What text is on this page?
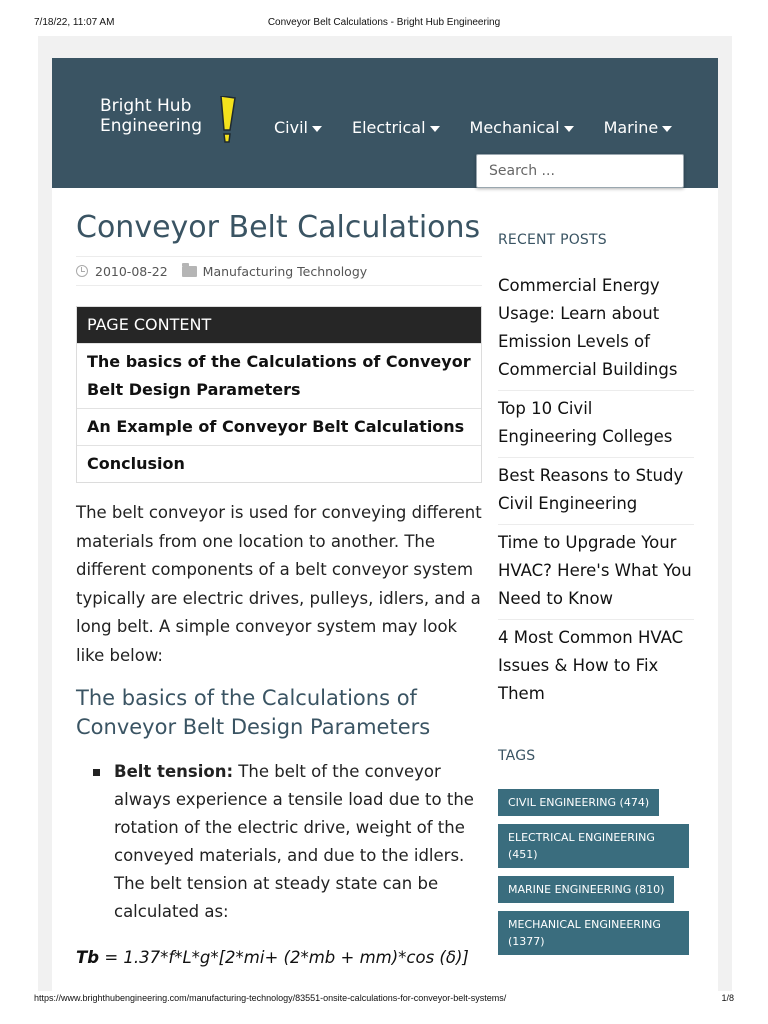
7/18/22, 11:07 AM	Conveyor Belt Calculations - Bright Hub Engineering
Bright Hub
Engineering	Civil	Electrical	Mechanical	Marine
Search ...
Conveyor Belt Calculations
2010-08-22	Manufacturing Technology
PAGE CONTENT
The basics of the Calculations of Conveyor Belt Design Parameters
An Example of Conveyor Belt Calculations
Conclusion

The belt conveyor is used for conveying different materials from one location to another. The different components of a belt conveyor system typically are electric drives, pulleys, idlers, and a long belt. A simple conveyor system may look like below:

The basics of the Calculations of Conveyor Belt Design Parameters
Belt tension: The belt of the conveyor always experience a tensile load due to the rotation of the electric drive, weight of the conveyed materials, and due to the idlers. The belt tension at steady state can be calculated as:
Tb = 1.37*f*L*g*[2*mi+ (2*mb + mm)*cos (δ)]
RECENT POSTS
Commercial Energy Usage: Learn about Emission Levels of Commercial Buildings
Top 10 Civil Engineering Colleges
Best Reasons to Study Civil Engineering
Time to Upgrade Your HVAC? Here's What You Need to Know
4 Most Common HVAC Issues & How to Fix Them
TAGS
CIVIL ENGINEERING (474)
ELECTRICAL ENGINEERING (451)
MARINE ENGINEERING (810)
MECHANICAL ENGINEERING (1377)
https://www.brighthubengineering.com/manufacturing-technology/83551-onsite-calculations-for-conveyor-belt-systems/	1/8
